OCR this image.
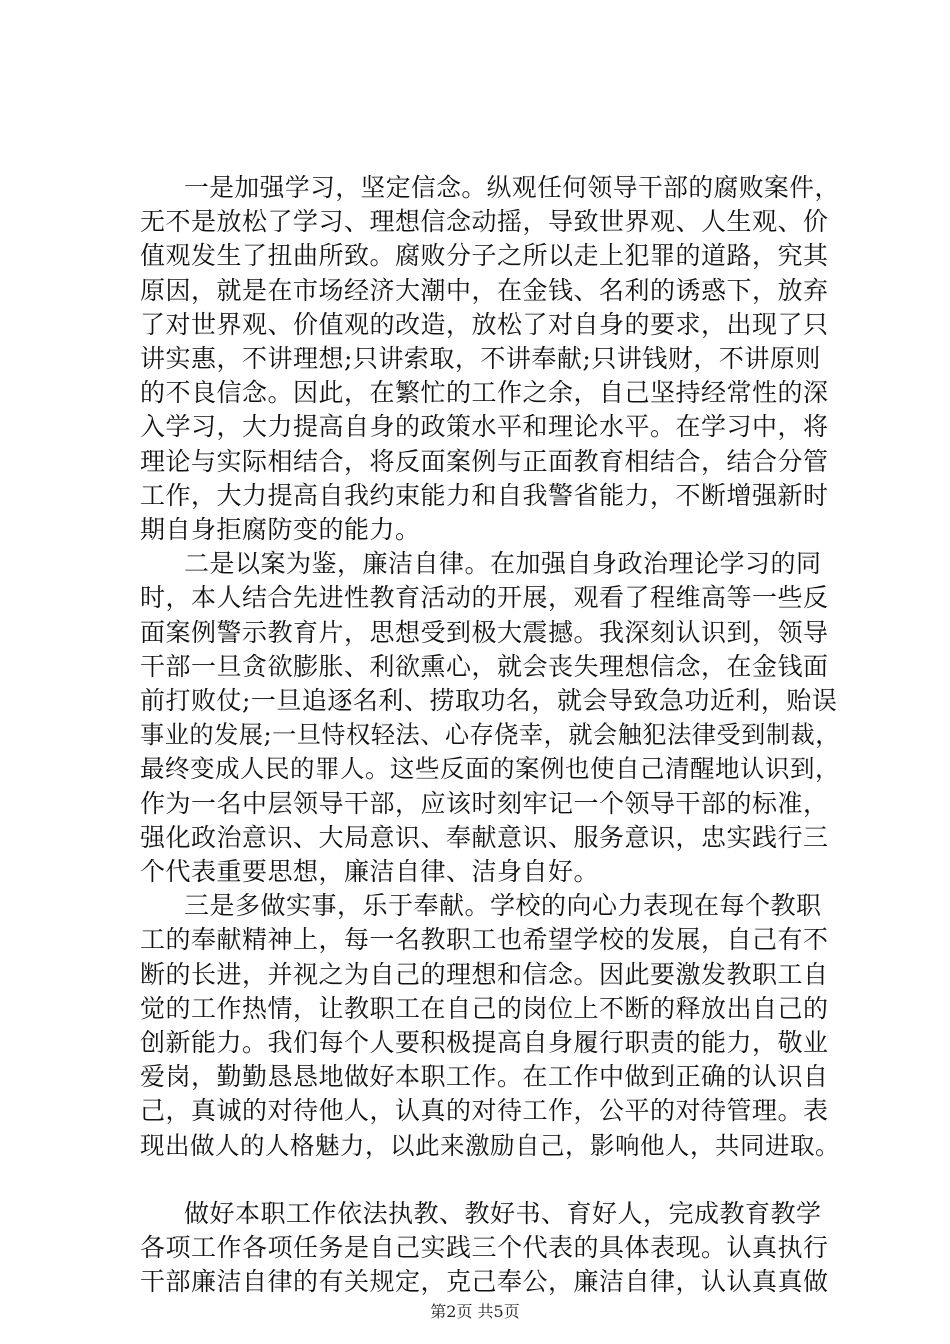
一是加强学习，坚定信念。纵观任何领导干部的腐败案件，
无不是放松了学习、理想信念动摇，导致世界观、人生观、价
值观发生了扭曲所致。腐败分子之所以走上犯罪的道路，究其
原因，就是在市场经济大潮中，在金钱、名利的诱惑下，放弃
了对世界观、价值观的改造，放松了对自身的要求，出现了只
讲实惠，不讲理想;只讲索取，不讲奉献;只讲钱财，不讲原则
的不良信念。因此，在繁忙的工作之余，自己坚持经常性的深
入学习，大力提高自身的政策水平和理论水平。在学习中，将
理论与实际相结合，将反面案例与正面教育相结合，结合分管
工作，大力提高自我约束能力和自我警省能力，不断增强新时
期自身拒腐防变的能力。

二是以案为鉴，廉洁自律。在加强自身政治理论学习的同
时，本人结合先进性教育活动的开展，观看了程维高等一些反
面案例警示教育片，思想受到极大震撼。我深刻认识到，领导
干部一旦贪欲膨胀、利欲熏心，就会丧失理想信念，在金钱面
前打败仗;一旦追逐名利、捞取功名，就会导致急功近利，贻误
事业的发展;一旦恃权轻法、心存侥幸，就会触犯法律受到制裁，
最终变成人民的罪人。这些反面的案例也使自己清醒地认识到，
作为一名中层领导干部，应该时刻牢记一个领导干部的标准，
强化政治意识、大局意识、奉献意识、服务意识，忠实践行三
个代表重要思想，廉洁自律、洁身自好。

三是多做实事，乐于奉献。学校的向心力表现在每个教职
工的奉献精神上，每一名教职工也希望学校的发展，自己有不
断的长进，并视之为自己的理想和信念。因此要激发教职工自
觉的工作热情，让教职工在自己的岗位上不断的释放出自己的
创新能力。我们每个人要积极提高自身履行职责的能力，敬业
爱岗，勤勤恳恳地做好本职工作。在工作中做到正确的认识自
己，真诚的对待他人，认真的对待工作，公平的对待管理。表
现出做人的人格魅力，以此来激励自己，影响他人，共同进取。

做好本职工作依法执教、教好书、育好人，完成教育教学
各项工作各项任务是自己实践三个代表的具体表现。认真执行
干部廉洁自律的有关规定，克己奉公，廉洁自律，认认真真做

第2页 共5页
